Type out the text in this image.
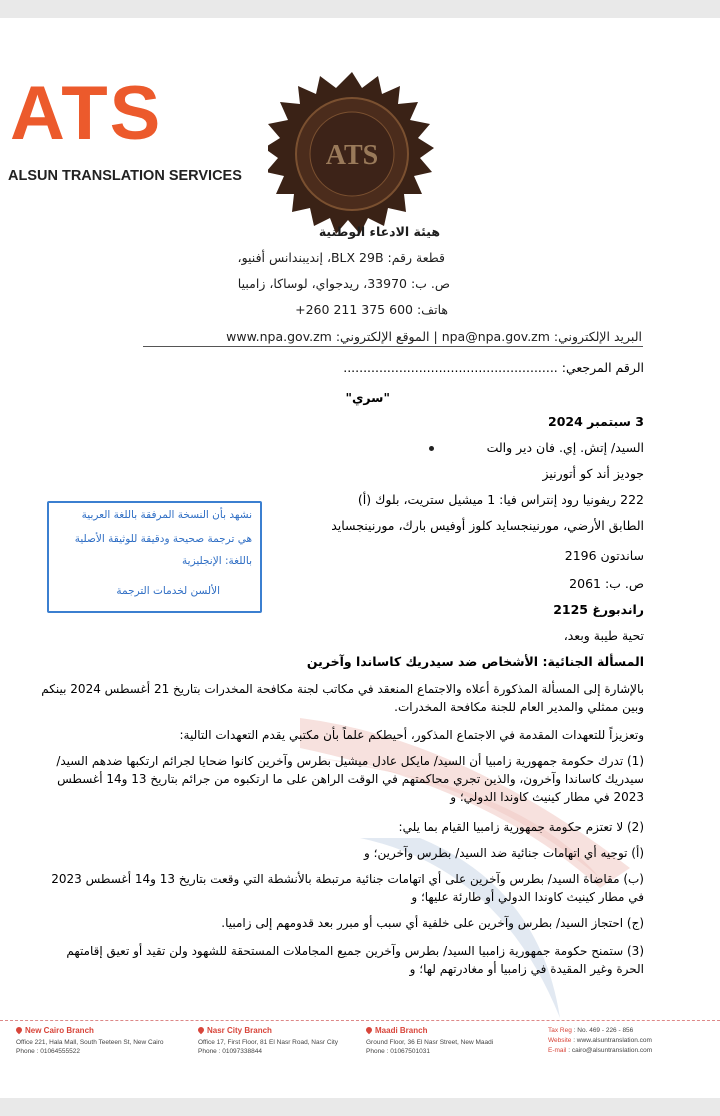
ATS
ALSUN TRANSLATION SERVICES
ATS
هيئة الادعاء الوطنية
قطعة رقم: BLX 29B، إنديبندانس أفنيو،
ص. ب: 33970، ريدجواي، لوساكا، زامبيا
هاتف: 600 375 211 260+
البريد الإلكتروني: npa@npa.gov.zm | الموقع الإلكتروني: www.npa.gov.zm
الرقم المرجعي: ......................................................
"سري"
3 سبتمبر 2024
السيد/ إتش. إي. فان دير والت
جوديز أند كو أتورنيز
222 ريفونيا رود إنتراس فيا: 1 ميشيل ستريت، بلوك (أ)
الطابق الأرضي، مورنينجسايد كلوز أوفيس بارك، مورنينجسايد
ساندتون 2196
ص. ب: 2061
راندبورغ 2125
تحية طيبة وبعد،
المسألة الجنائية: الأشخاص ضد سيدريك كاساندا وآخرين
بالإشارة إلى المسألة المذكورة أعلاه والاجتماع المنعقد في مكاتب لجنة مكافحة المخدرات بتاريخ 21 أغسطس 2024 بينكم وبين ممثلي والمدير العام للجنة مكافحة المخدرات.
وتعزيزاً للتعهدات المقدمة في الاجتماع المذكور، أحيطكم علماً بأن مكتبي يقدم التعهدات التالية:
(1) تدرك حكومة جمهورية زامبيا أن السيد/ مايكل عادل ميشيل بطرس وآخرين كانوا ضحايا لجرائم ارتكبها ضدهم السيد/ سيدريك كاساندا وآخرون، والذين تجري محاكمتهم في الوقت الراهن على ما ارتكبوه من جرائم بتاريخ 13 و14 أغسطس 2023 في مطار كينيث كاوندا الدولي؛ و
(2) لا تعتزم حكومة جمهورية زامبيا القيام بما يلي:
(أ) توجيه أي اتهامات جنائية ضد السيد/ بطرس وآخرين؛ و
(ب) مقاضاة السيد/ بطرس وآخرين على أي اتهامات جنائية مرتبطة بالأنشطة التي وقعت بتاريخ 13 و14 أغسطس 2023 في مطار كينيث كاوندا الدولي أو طارئة عليها؛ و
(ج) احتجاز السيد/ بطرس وآخرين على خلفية أي سبب أو مبرر بعد قدومهم إلى زامبيا.
(3) ستمنح حكومة جمهورية زامبيا السيد/ بطرس وآخرين جميع المجاملات المستحقة للشهود ولن تقيد أو تعيق إقامتهم الحرة وغير المقيدة في زامبيا أو مغادرتهم لها؛ و
نشهد بأن النسخة المرفقة باللغة العربية
هي ترجمة صحيحة ودقيقة للوثيقة الأصلية
باللغة: الإنجليزية
الألسن لخدمات الترجمة
New Cairo Branch
Office 221, Hala Mall, South Teeteen St, New Cairo
Phone : 01064555522
Nasr City Branch
Office 17, First Floor, 81 El Nasr Road, Nasr City
Phone : 01097338844
Maadi Branch
Ground Floor, 36 El Nasr Street, New Maadi
Phone : 01067501031
Tax Reg : No. 469 - 226 - 856
Website : www.alsuntranslation.com
E-mail : cairo@alsuntranslation.com
